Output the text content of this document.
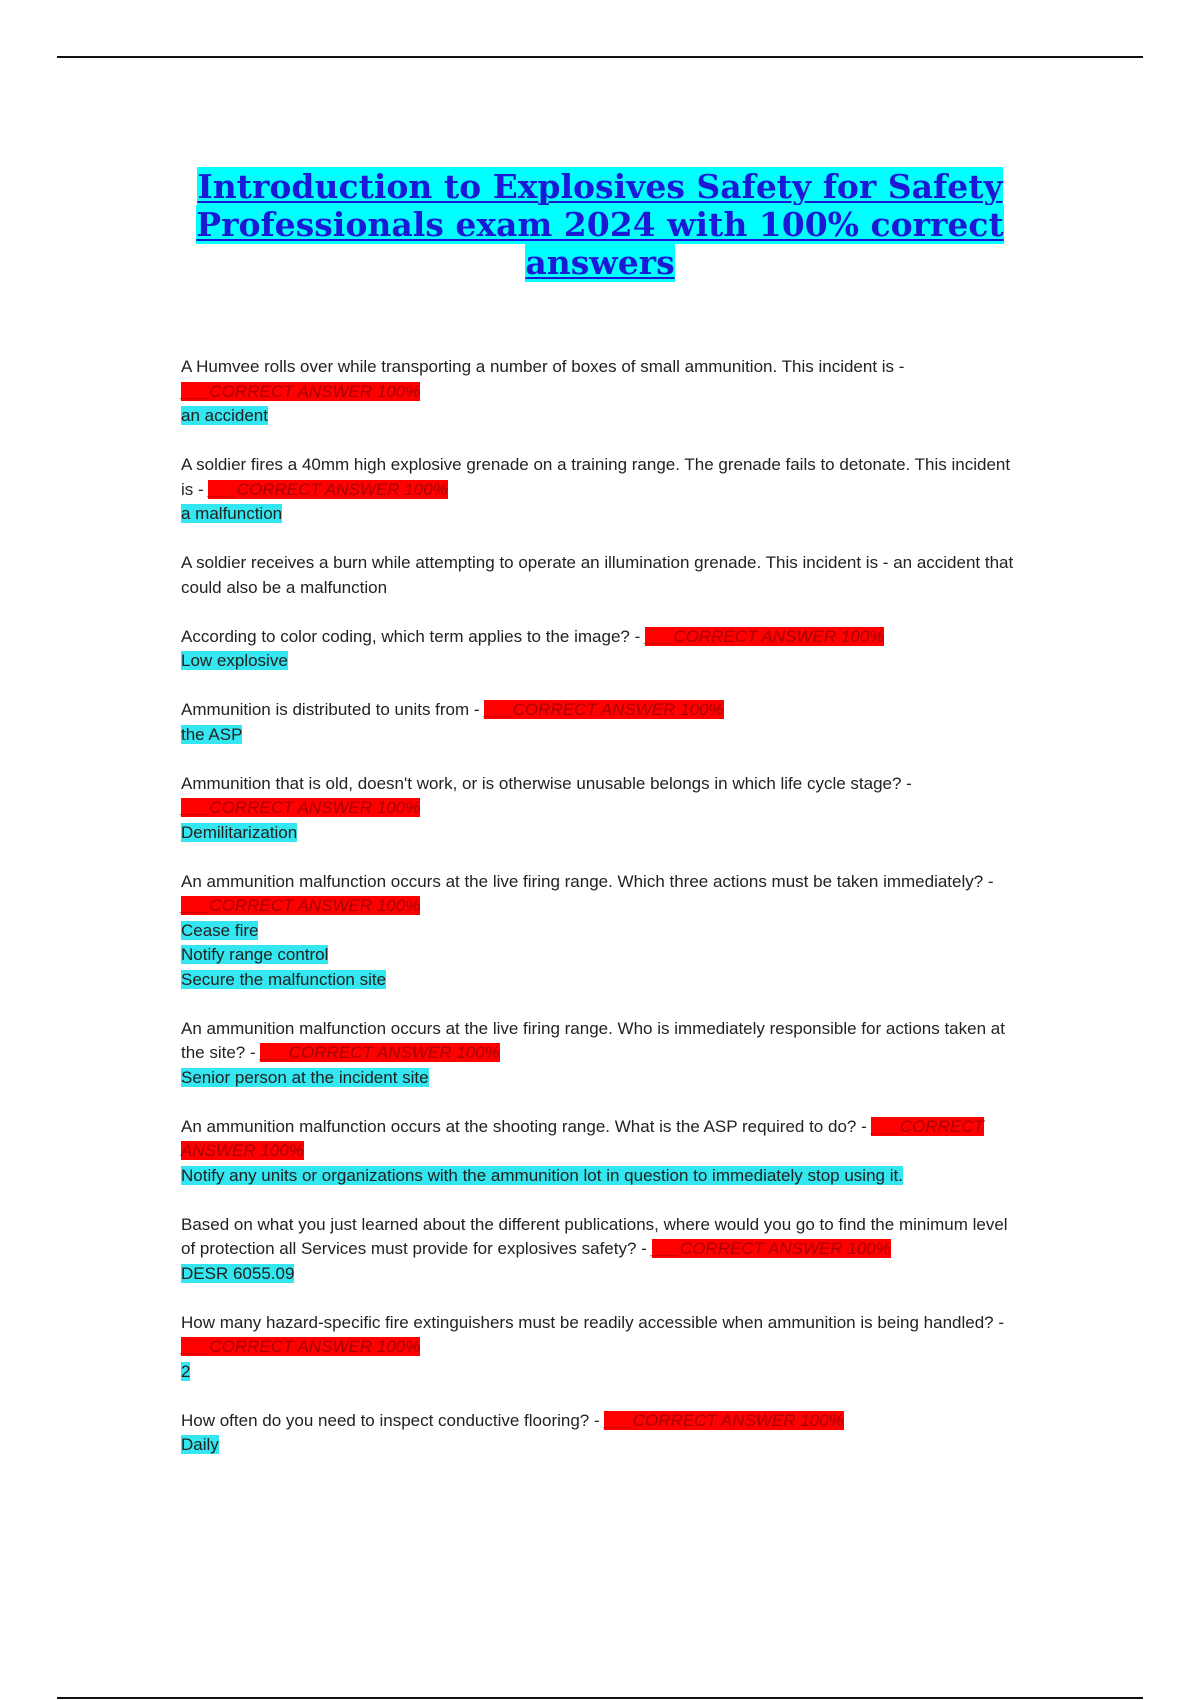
Introduction to Explosives Safety for Safety Professionals exam 2024 with 100% correct answers
A Humvee rolls over while transporting a number of boxes of small ammunition. This incident is - ___CORRECT ANSWER 100%
an accident
A soldier fires a 40mm high explosive grenade on a training range. The grenade fails to detonate. This incident is - ___CORRECT ANSWER 100%
a malfunction
A soldier receives a burn while attempting to operate an illumination grenade. This incident is - an accident that could also be a malfunction
According to color coding, which term applies to the image? - ___CORRECT ANSWER 100%
Low explosive
Ammunition is distributed to units from - ___CORRECT ANSWER 100%
the ASP
Ammunition that is old, doesn't work, or is otherwise unusable belongs in which life cycle stage? - ___CORRECT ANSWER 100%
Demilitarization
An ammunition malfunction occurs at the live firing range. Which three actions must be taken immediately? - ___CORRECT ANSWER 100%
Cease fire
Notify range control
Secure the malfunction site
An ammunition malfunction occurs at the live firing range. Who is immediately responsible for actions taken at the site? - ___CORRECT ANSWER 100%
Senior person at the incident site
An ammunition malfunction occurs at the shooting range. What is the ASP required to do? - ___CORRECT ANSWER 100%
Notify any units or organizations with the ammunition lot in question to immediately stop using it.
Based on what you just learned about the different publications, where would you go to find the minimum level of protection all Services must provide for explosives safety? - ___CORRECT ANSWER 100%
DESR 6055.09
How many hazard-specific fire extinguishers must be readily accessible when ammunition is being handled? - ___CORRECT ANSWER 100%
2
How often do you need to inspect conductive flooring? - ___CORRECT ANSWER 100%
Daily
